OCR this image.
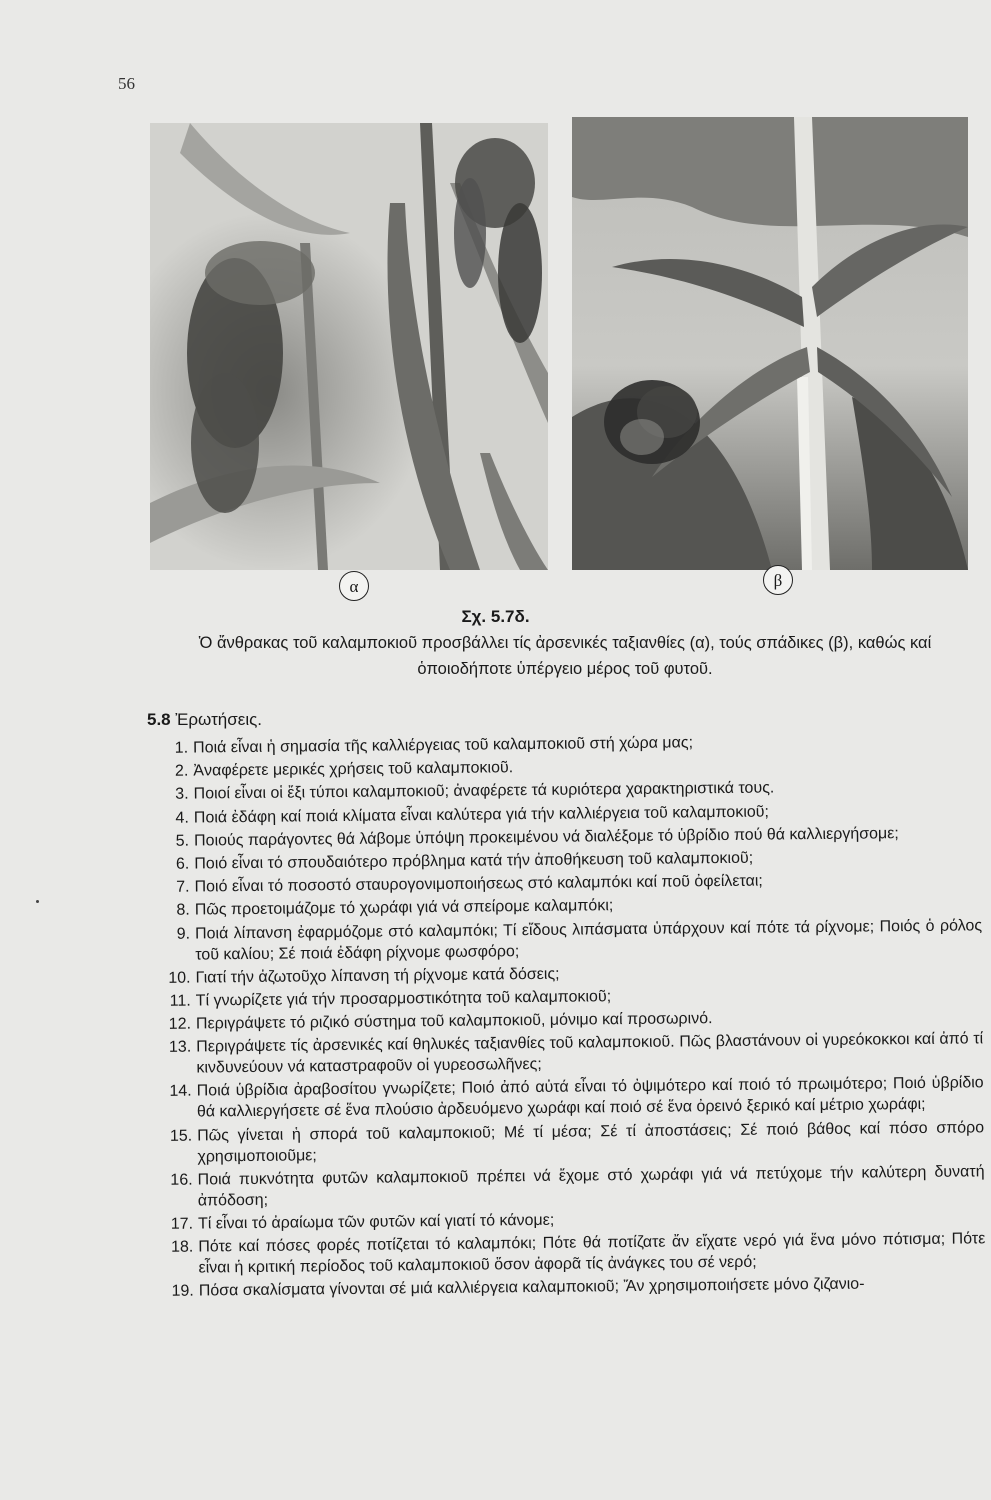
56
α	β
Σχ. 5.7δ.
Ὁ ἄνθρακας τοῦ καλαμποκιοῦ προσβάλλει τίς ἀρσενικές ταξιανθίες (α), τούς σπάδικες (β), καθώς καί
ὁποιοδήποτε ὑπέργειο μέρος τοῦ φυτοῦ.
5.8 Ἐρωτήσεις.
1. Ποιά εἶναι ἡ σημασία τῆς καλλιέργειας τοῦ καλαμποκιοῦ στή χώρα μας;
2. Ἀναφέρετε μερικές χρήσεις τοῦ καλαμποκιοῦ.
3. Ποιοί εἶναι οἱ ἔξι τύποι καλαμποκιοῦ; ἀναφέρετε τά κυριότερα χαρακτηριστικά τους.
4. Ποιά ἐδάφη καί ποιά κλίματα εἶναι καλύτερα γιά τήν καλλιέργεια τοῦ καλαμποκιοῦ;
5. Ποιούς παράγοντες θά λάβομε ὑπόψη προκειμένου νά διαλέξομε τό ὑβρίδιο πού θά καλλιεργήσομε;
6. Ποιό εἶναι τό σπουδαιότερο πρόβλημα κατά τήν ἀποθήκευση τοῦ καλαμποκιοῦ;
7. Ποιό εἶναι τό ποσοστό σταυρογονιμοποιήσεως στό καλαμπόκι καί ποῦ ὀφείλεται;
8. Πῶς προετοιμάζομε τό χωράφι γιά νά σπείρομε καλαμπόκι;
9. Ποιά λίπανση ἐφαρμόζομε στό καλαμπόκι; Τί εἴδους λιπάσματα ὑπάρχουν καί πότε τά ρίχνομε; Ποιός ὁ ρόλος τοῦ καλίου; Σέ ποιά ἐδάφη ρίχνομε φωσφόρο;
10. Γιατί τήν ἀζωτοῦχο λίπανση τή ρίχνομε κατά δόσεις;
11. Τί γνωρίζετε γιά τήν προσαρμοστικότητα τοῦ καλαμποκιοῦ;
12. Περιγράψετε τό ριζικό σύστημα τοῦ καλαμποκιοῦ, μόνιμο καί προσωρινό.
13. Περιγράψετε τίς ἀρσενικές καί θηλυκές ταξιανθίες τοῦ καλαμποκιοῦ. Πῶς βλαστάνουν οἱ γυρεόκοκκοι καί ἀπό τί κινδυνεύουν νά καταστραφοῦν οἱ γυρεοσωλῆνες;
14. Ποιά ὑβρίδια ἀραβοσίτου γνωρίζετε; Ποιό ἀπό αὐτά εἶναι τό ὀψιμότερο καί ποιό τό πρωιμότερο; Ποιό ὑβρίδιο θά καλλιεργήσετε σέ ἕνα πλούσιο ἀρδευόμενο χωράφι καί ποιό σέ ἕνα ὀρεινό ξερικό καί μέτριο χωράφι;
15. Πῶς γίνεται ἡ σπορά τοῦ καλαμποκιοῦ; Μέ τί μέσα; Σέ τί ἀποστάσεις; Σέ ποιό βάθος καί πόσο σπόρο χρησιμοποιοῦμε;
16. Ποιά πυκνότητα φυτῶν καλαμποκιοῦ πρέπει νά ἔχομε στό χωράφι γιά νά πετύχομε τήν καλύτερη δυνατή ἀπόδοση;
17. Τί εἶναι τό ἀραίωμα τῶν φυτῶν καί γιατί τό κάνομε;
18. Πότε καί πόσες φορές ποτίζεται τό καλαμπόκι; Πότε θά ποτίζατε ἄν εἴχατε νερό γιά ἕνα μόνο πότισμα; Πότε εἶναι ἡ κριτική περίοδος τοῦ καλαμποκιοῦ ὅσον ἀφορᾶ τίς ἀνάγκες του σέ νερό;
19. Πόσα σκαλίσματα γίνονται σέ μιά καλλιέργεια καλαμποκιοῦ; Ἄν χρησιμοποιήσετε μόνο ζιζανιο-
